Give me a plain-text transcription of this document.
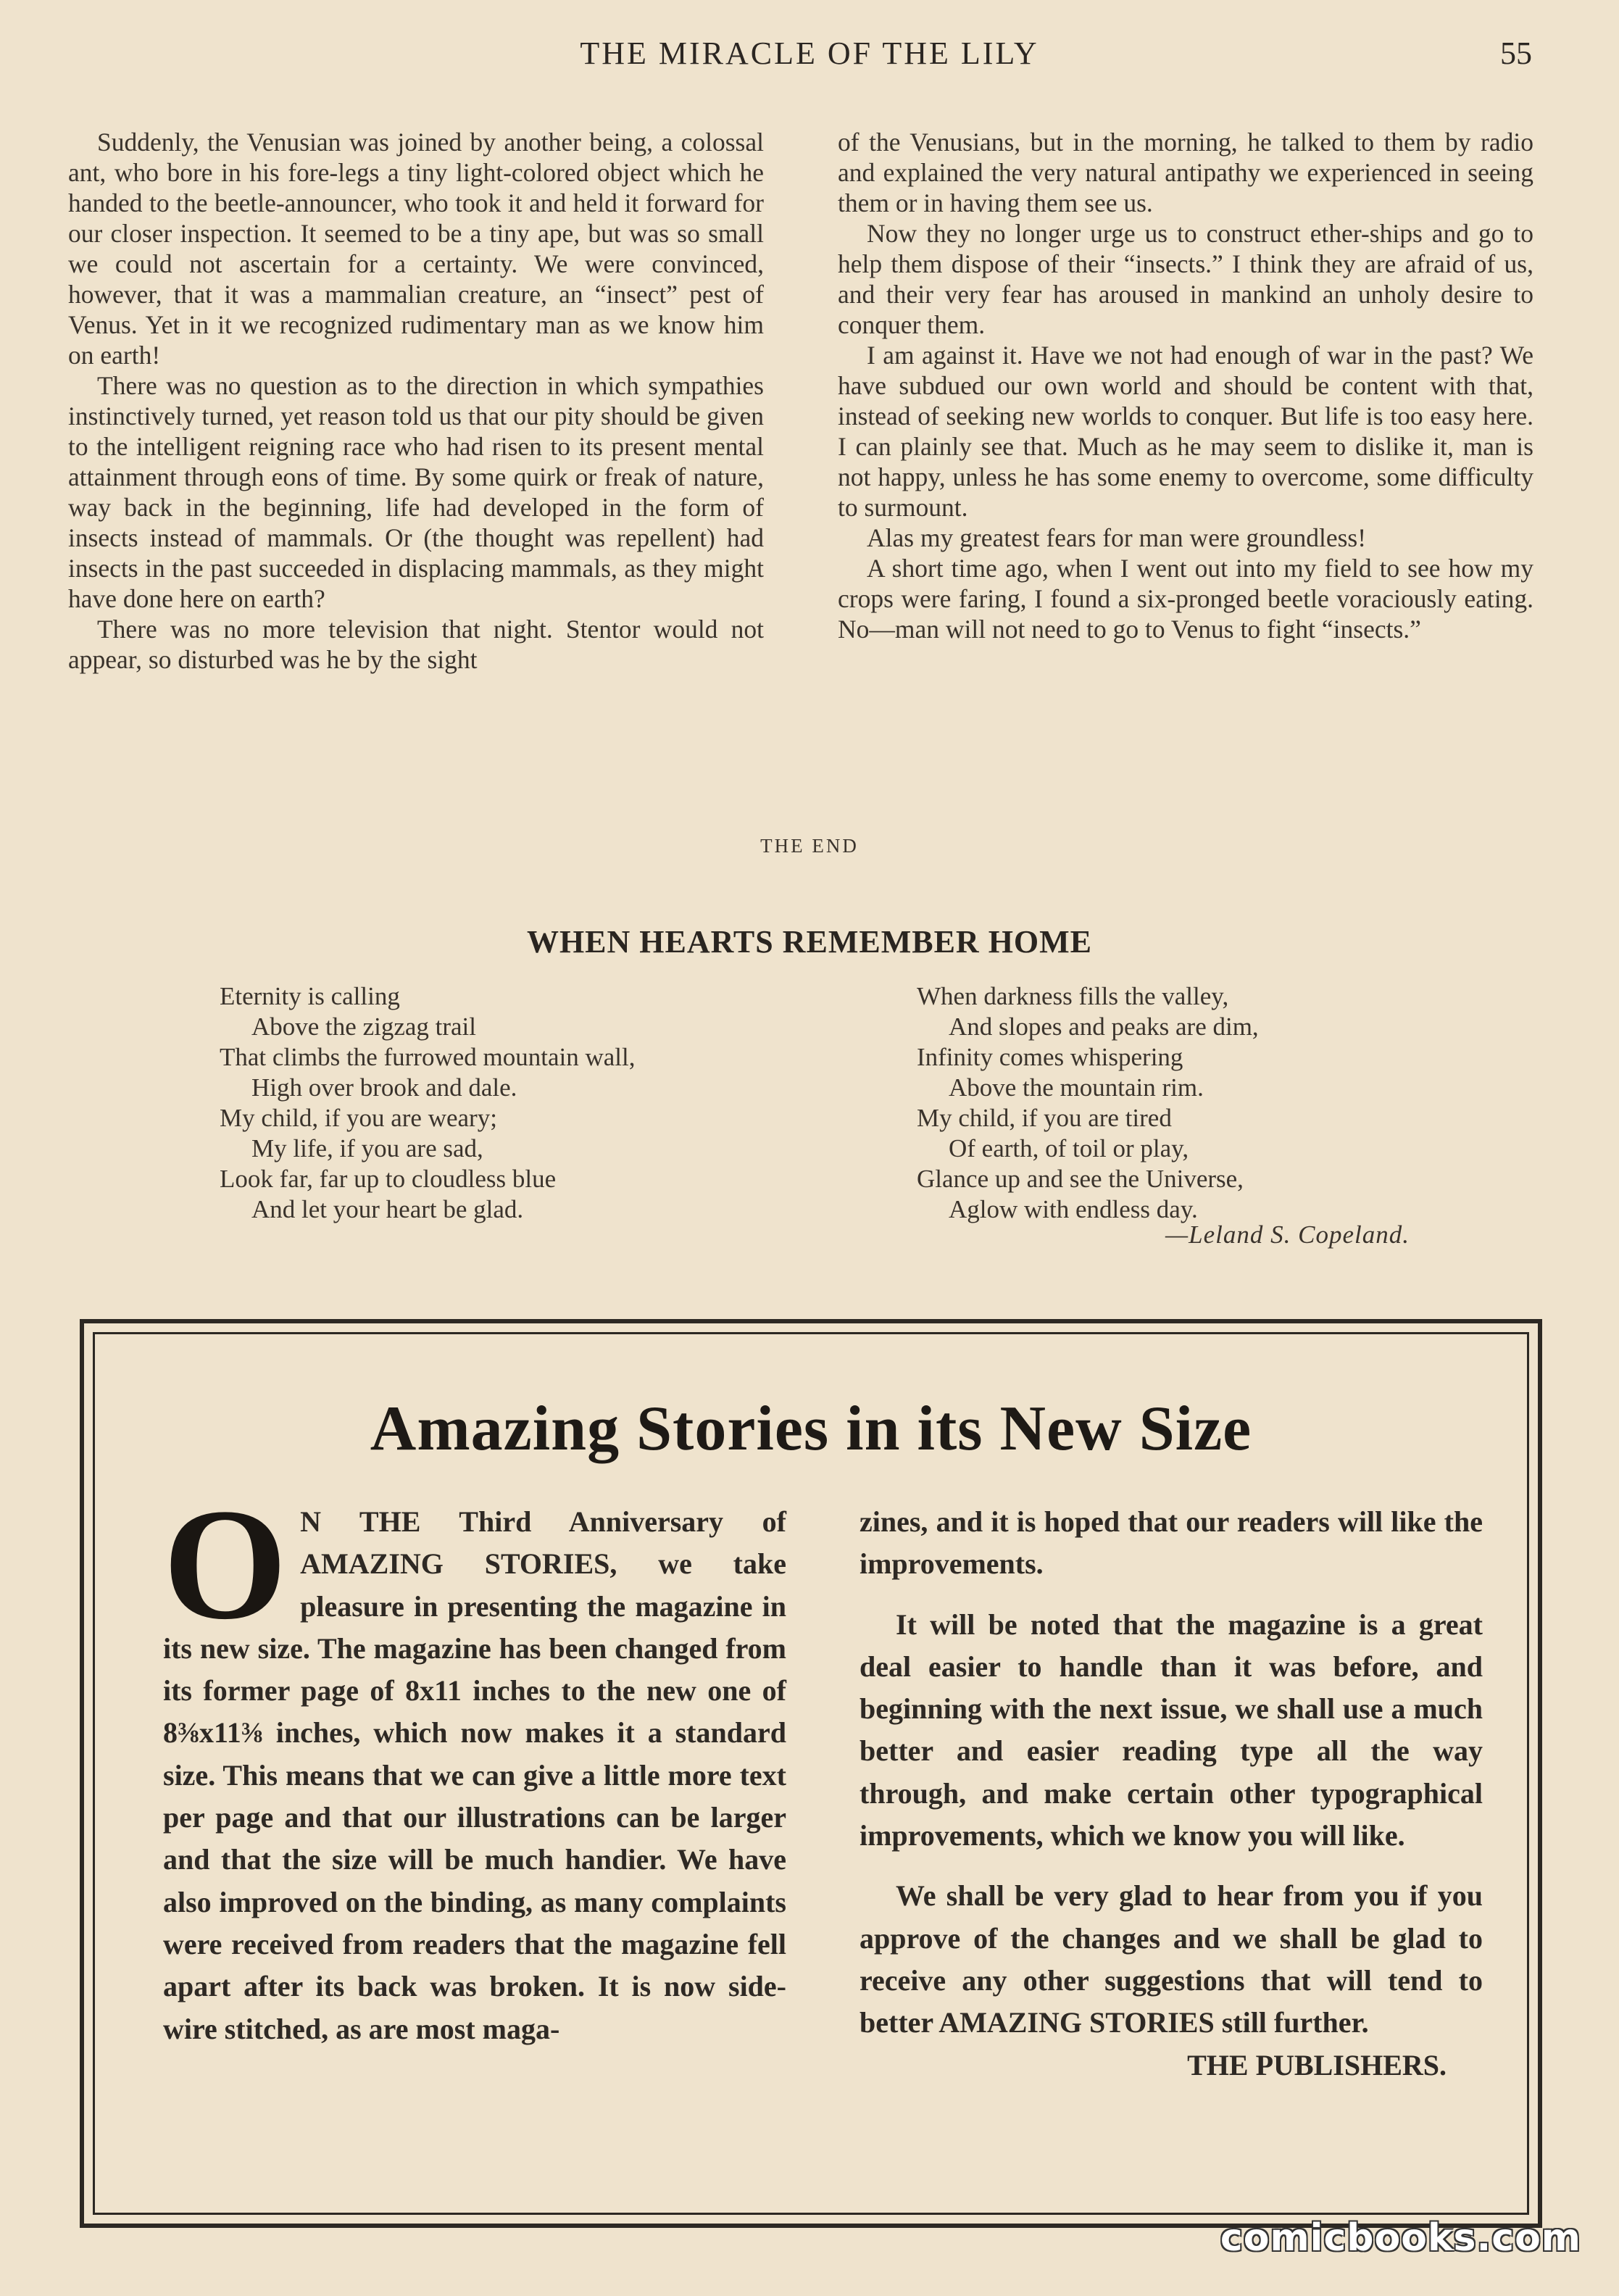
THE MIRACLE OF THE LILY	55

Suddenly, the Venusian was joined by another being, a colossal ant, who bore in his fore-legs a tiny light-colored object which he handed to the beetle-announcer, who took it and held it forward for our closer inspection. It seemed to be a tiny ape, but was so small we could not ascertain for a certainty. We were convinced, however, that it was a mammalian creature, an “insect” pest of Venus. Yet in it we recognized rudimentary man as we know him on earth!

There was no question as to the direction in which sympathies instinctively turned, yet reason told us that our pity should be given to the intelligent reigning race who had risen to its present mental attainment through eons of time. By some quirk or freak of nature, way back in the beginning, life had developed in the form of insects instead of mammals. Or (the thought was repellent) had insects in the past succeeded in displacing mammals, as they might have done here on earth?

There was no more television that night. Stentor would not appear, so disturbed was he by the sight

of the Venusians, but in the morning, he talked to them by radio and explained the very natural antipathy we experienced in seeing them or in having them see us.

Now they no longer urge us to construct ether-ships and go to help them dispose of their “insects.” I think they are afraid of us, and their very fear has aroused in mankind an unholy desire to conquer them.

I am against it. Have we not had enough of war in the past? We have subdued our own world and should be content with that, instead of seeking new worlds to conquer. But life is too easy here. I can plainly see that. Much as he may seem to dislike it, man is not happy, unless he has some enemy to overcome, some difficulty to surmount.

Alas my greatest fears for man were groundless!

A short time ago, when I went out into my field to see how my crops were faring, I found a six-pronged beetle voraciously eating. No—man will not need to go to Venus to fight “insects.”

THE END
WHEN HEARTS REMEMBER HOME
Eternity is calling
Above the zigzag trail
That climbs the furrowed mountain wall,
High over brook and dale.
My child, if you are weary;
My life, if you are sad,
Look far, far up to cloudless blue
And let your heart be glad.
When darkness fills the valley,
And slopes and peaks are dim,
Infinity comes whispering
Above the mountain rim.
My child, if you are tired
Of earth, of toil or play,
Glance up and see the Universe,
Aglow with endless day.
—Leland S. Copeland.
Amazing Stories in its New Size

O N THE Third Anniversary of AMAZING STORIES, we take pleasure in presenting the magazine in its new size. The magazine has been changed from its former page of 8x11 inches to the new one of 8⅜x11⅜ inches, which now makes it a standard size. This means that we can give a little more text per page and that our illustrations can be larger and that the size will be much handier. We have also improved on the binding, as many complaints were received from readers that the magazine fell apart after its back was broken. It is now side-wire stitched, as are most maga-

zines, and it is hoped that our readers will like the improvements.

It will be noted that the magazine is a great deal easier to handle than it was before, and beginning with the next issue, we shall use a much better and easier reading type all the way through, and make certain other typographical improvements, which we know you will like.

We shall be very glad to hear from you if you approve of the changes and we shall be glad to receive any other suggestions that will tend to better AMAZING STORIES still further.

THE PUBLISHERS.

comicbooks.com
